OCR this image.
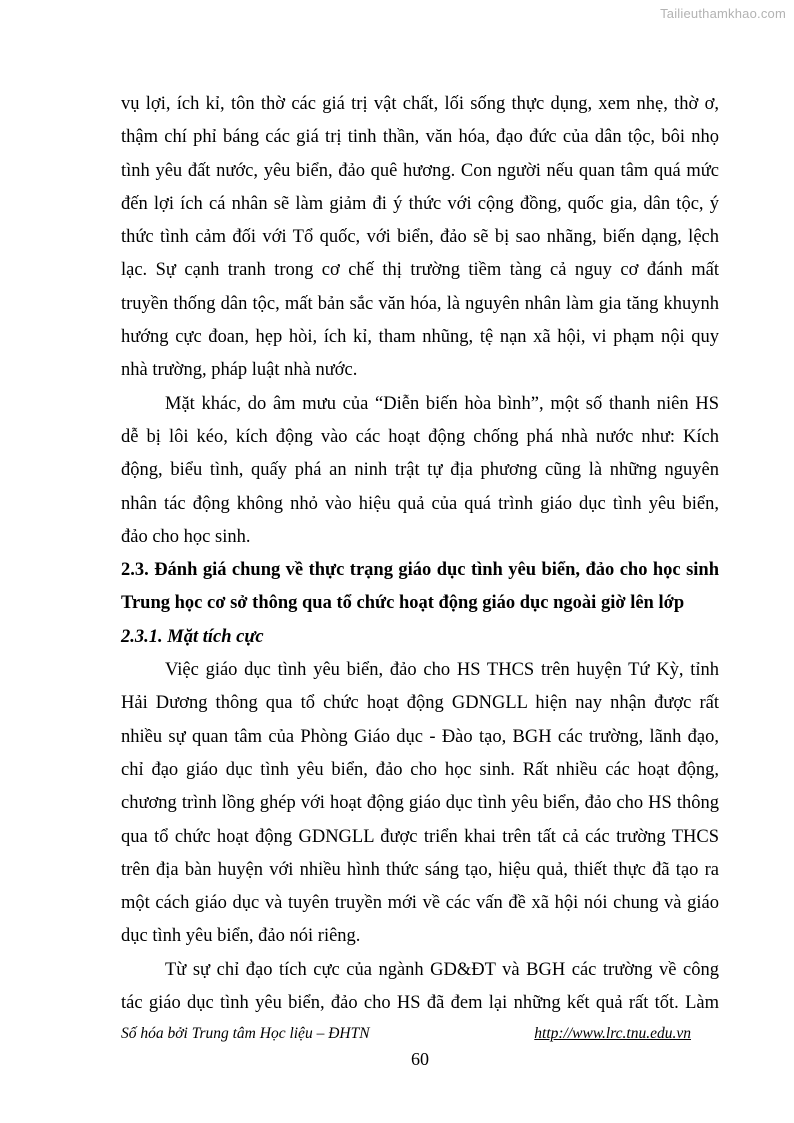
Tailieuthamkhao.com
vụ lợi, ích kỉ, tôn thờ các giá trị vật chất, lối sống thực dụng, xem nhẹ, thờ ơ,
thậm chí phỉ báng các giá trị tinh thần, văn hóa, đạo đức của dân tộc, bôi nhọ
tình yêu đất nước, yêu biển, đảo quê hương. Con người nếu quan tâm quá mức
đến lợi ích cá nhân sẽ làm giảm đi ý thức với cộng đồng, quốc gia, dân tộc, ý
thức tình cảm đối với Tổ quốc, với biển, đảo sẽ bị sao nhãng, biến dạng, lệch
lạc. Sự cạnh tranh trong cơ chế thị trường tiềm tàng cả nguy cơ đánh mất
truyền thống dân tộc, mất bản sắc văn hóa, là nguyên nhân làm gia tăng khuynh
hướng cực đoan, hẹp hòi, ích kỉ, tham nhũng, tệ nạn xã hội, vi phạm nội quy
nhà trường, pháp luật nhà nước.
Mặt khác, do âm mưu của “Diễn biến hòa bình”, một số thanh niên HS
dễ bị lôi kéo, kích động vào các hoạt động chống phá nhà nước như: Kích
động, biểu tình, quấy phá an ninh trật tự địa phương cũng là những nguyên
nhân tác động không nhỏ vào hiệu quả của quá trình giáo dục tình yêu biển,
đảo cho học sinh.
2.3. Đánh giá chung về thực trạng giáo dục tình yêu biển, đảo cho học sinh
Trung học cơ sở thông qua tổ chức hoạt động giáo dục ngoài giờ lên lớp
2.3.1. Mặt tích cực
Việc giáo dục tình yêu biển, đảo cho HS THCS trên huyện Tứ Kỳ, tỉnh
Hải Dương thông qua tổ chức hoạt động GDNGLL hiện nay nhận được rất
nhiều sự quan tâm của Phòng Giáo dục - Đào tạo, BGH các trường, lãnh đạo,
chỉ đạo giáo dục tình yêu biển, đảo cho học sinh. Rất nhiều các hoạt động,
chương trình lồng ghép với hoạt động giáo dục tình yêu biển, đảo cho HS thông
qua tổ chức hoạt động GDNGLL được triển khai trên tất cả các trường THCS
trên địa bàn huyện với nhiều hình thức sáng tạo, hiệu quả, thiết thực đã tạo ra
một cách giáo dục và tuyên truyền mới về các vấn đề xã hội nói chung và giáo
dục tình yêu biển, đảo nói riêng.
Từ sự chỉ đạo tích cực của ngành GD&ĐT và BGH các trường về công
tác giáo dục tình yêu biển, đảo cho HS đã đem lại những kết quả rất tốt. Làm
Số hóa bởi Trung tâm Học liệu – ĐHTN	http://www.lrc.tnu.edu.vn
60
